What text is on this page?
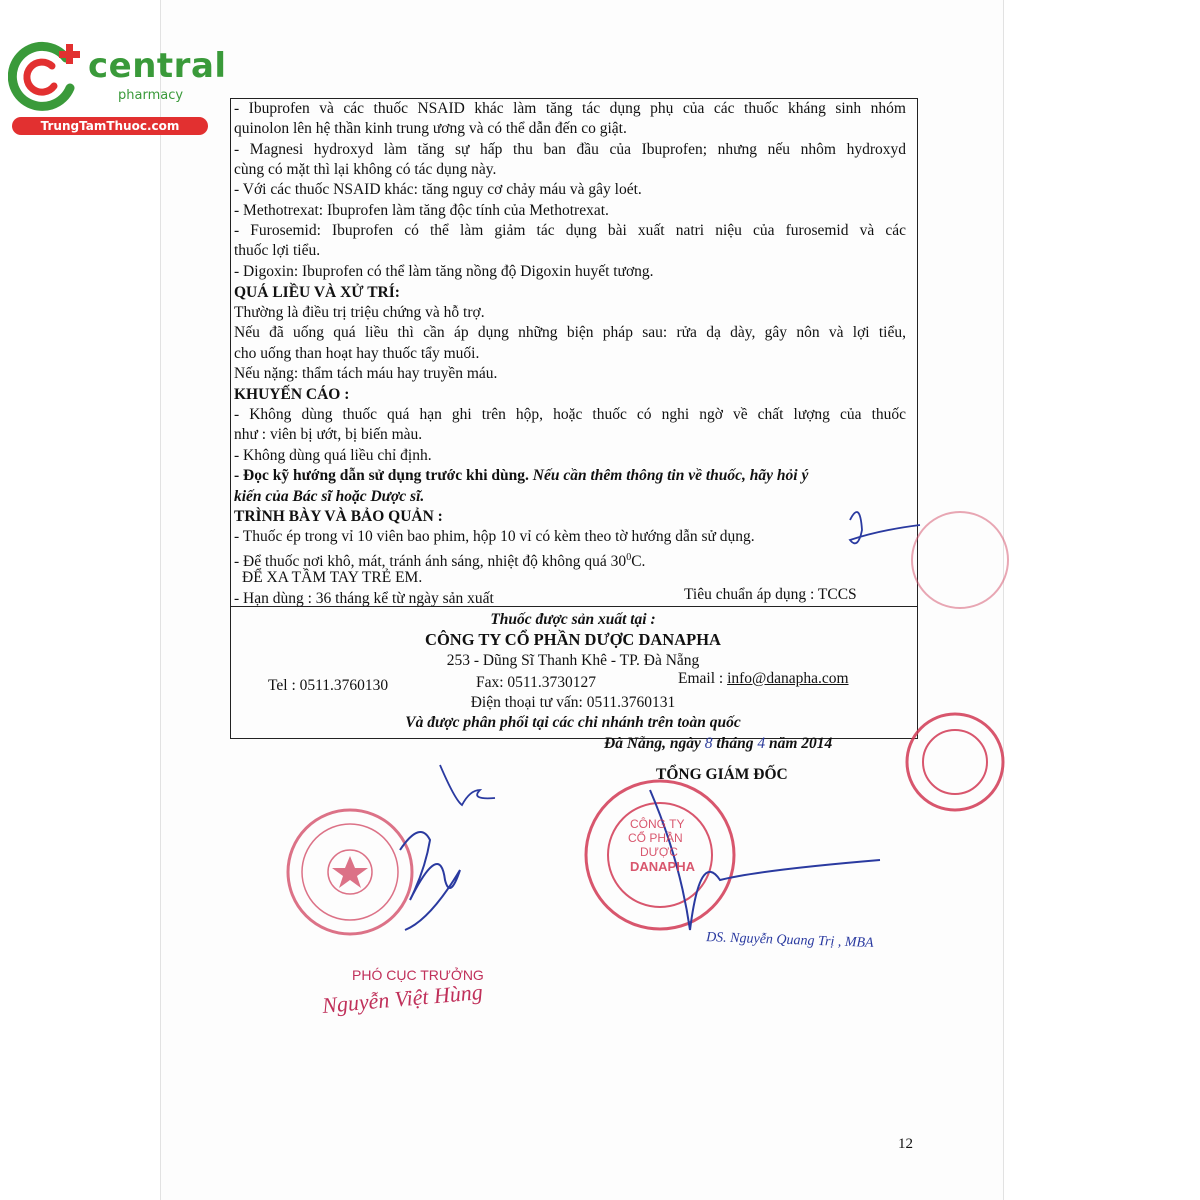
central
pharmacy
TrungTamThuoc.com
- Ibuprofen và các thuốc NSAID khác làm tăng tác dụng phụ của các thuốc kháng sinh nhóm
quinolon lên hệ thần kinh trung ương và có thể dẫn đến co giật.
- Magnesi hydroxyd làm tăng sự hấp thu ban đầu của Ibuprofen; nhưng nếu nhôm hydroxyd
cùng có mặt thì lại không có tác dụng này.
- Với các thuốc NSAID khác: tăng nguy cơ chảy máu và gây loét.
- Methotrexat: Ibuprofen làm tăng độc tính của Methotrexat.
- Furosemid: Ibuprofen có thể làm giảm tác dụng bài xuất natri niệu của furosemid và các
thuốc lợi tiểu.
- Digoxin: Ibuprofen có thể làm tăng nồng độ Digoxin huyết tương.
QUÁ LIỀU VÀ XỬ TRÍ:
Thường là điều trị triệu chứng và hỗ trợ.
Nếu đã uống quá liều thì cần áp dụng những biện pháp sau: rửa dạ dày, gây nôn và lợi tiểu,
cho uống than hoạt hay thuốc tẩy muối.
Nếu nặng: thẩm tách máu hay truyền máu.
KHUYẾN CÁO :
- Không dùng thuốc quá hạn ghi trên hộp, hoặc thuốc có nghi ngờ về chất lượng của thuốc
như : viên bị ướt, bị biến màu.
- Không dùng quá liều chỉ định.
- Đọc kỹ hướng dẫn sử dụng trước khi dùng. Nếu cần thêm thông tin về thuốc, hãy hỏi ý
kiến của Bác sĩ hoặc Dược sĩ.
TRÌNH BÀY VÀ BẢO QUẢN :
- Thuốc ép trong vỉ 10 viên bao phim, hộp 10 vỉ có kèm theo tờ hướng dẫn sử dụng.
- Để thuốc nơi khô, mát, tránh ánh sáng, nhiệt độ không quá $30^0C$.
ĐỂ XA TẦM TAY TRẺ EM.
- Hạn dùng : 36 tháng kể từ ngày sản xuất	Tiêu chuẩn áp dụng : TCCS
Thuốc được sản xuất tại :
CÔNG TY CỔ PHẦN DƯỢC DANAPHA
253 - Dũng Sĩ Thanh Khê - TP. Đà Nẵng
Tel : 0511.3760130	Fax: 0511.3730127	Email : info@danapha.com
Điện thoại tư vấn: 0511.3760131
Và được phân phối tại các chi nhánh trên toàn quốc
Đà Nẵng, ngày 8 tháng 4 năm 2014
TỔNG GIÁM ĐỐC
CÔNG TY
CỔ PHẦN
DƯỢC
DANAPHA
DS. Nguyễn Quang Trị , MBA
PHÓ CỤC TRƯỞNG
Nguyễn Việt Hùng
12
